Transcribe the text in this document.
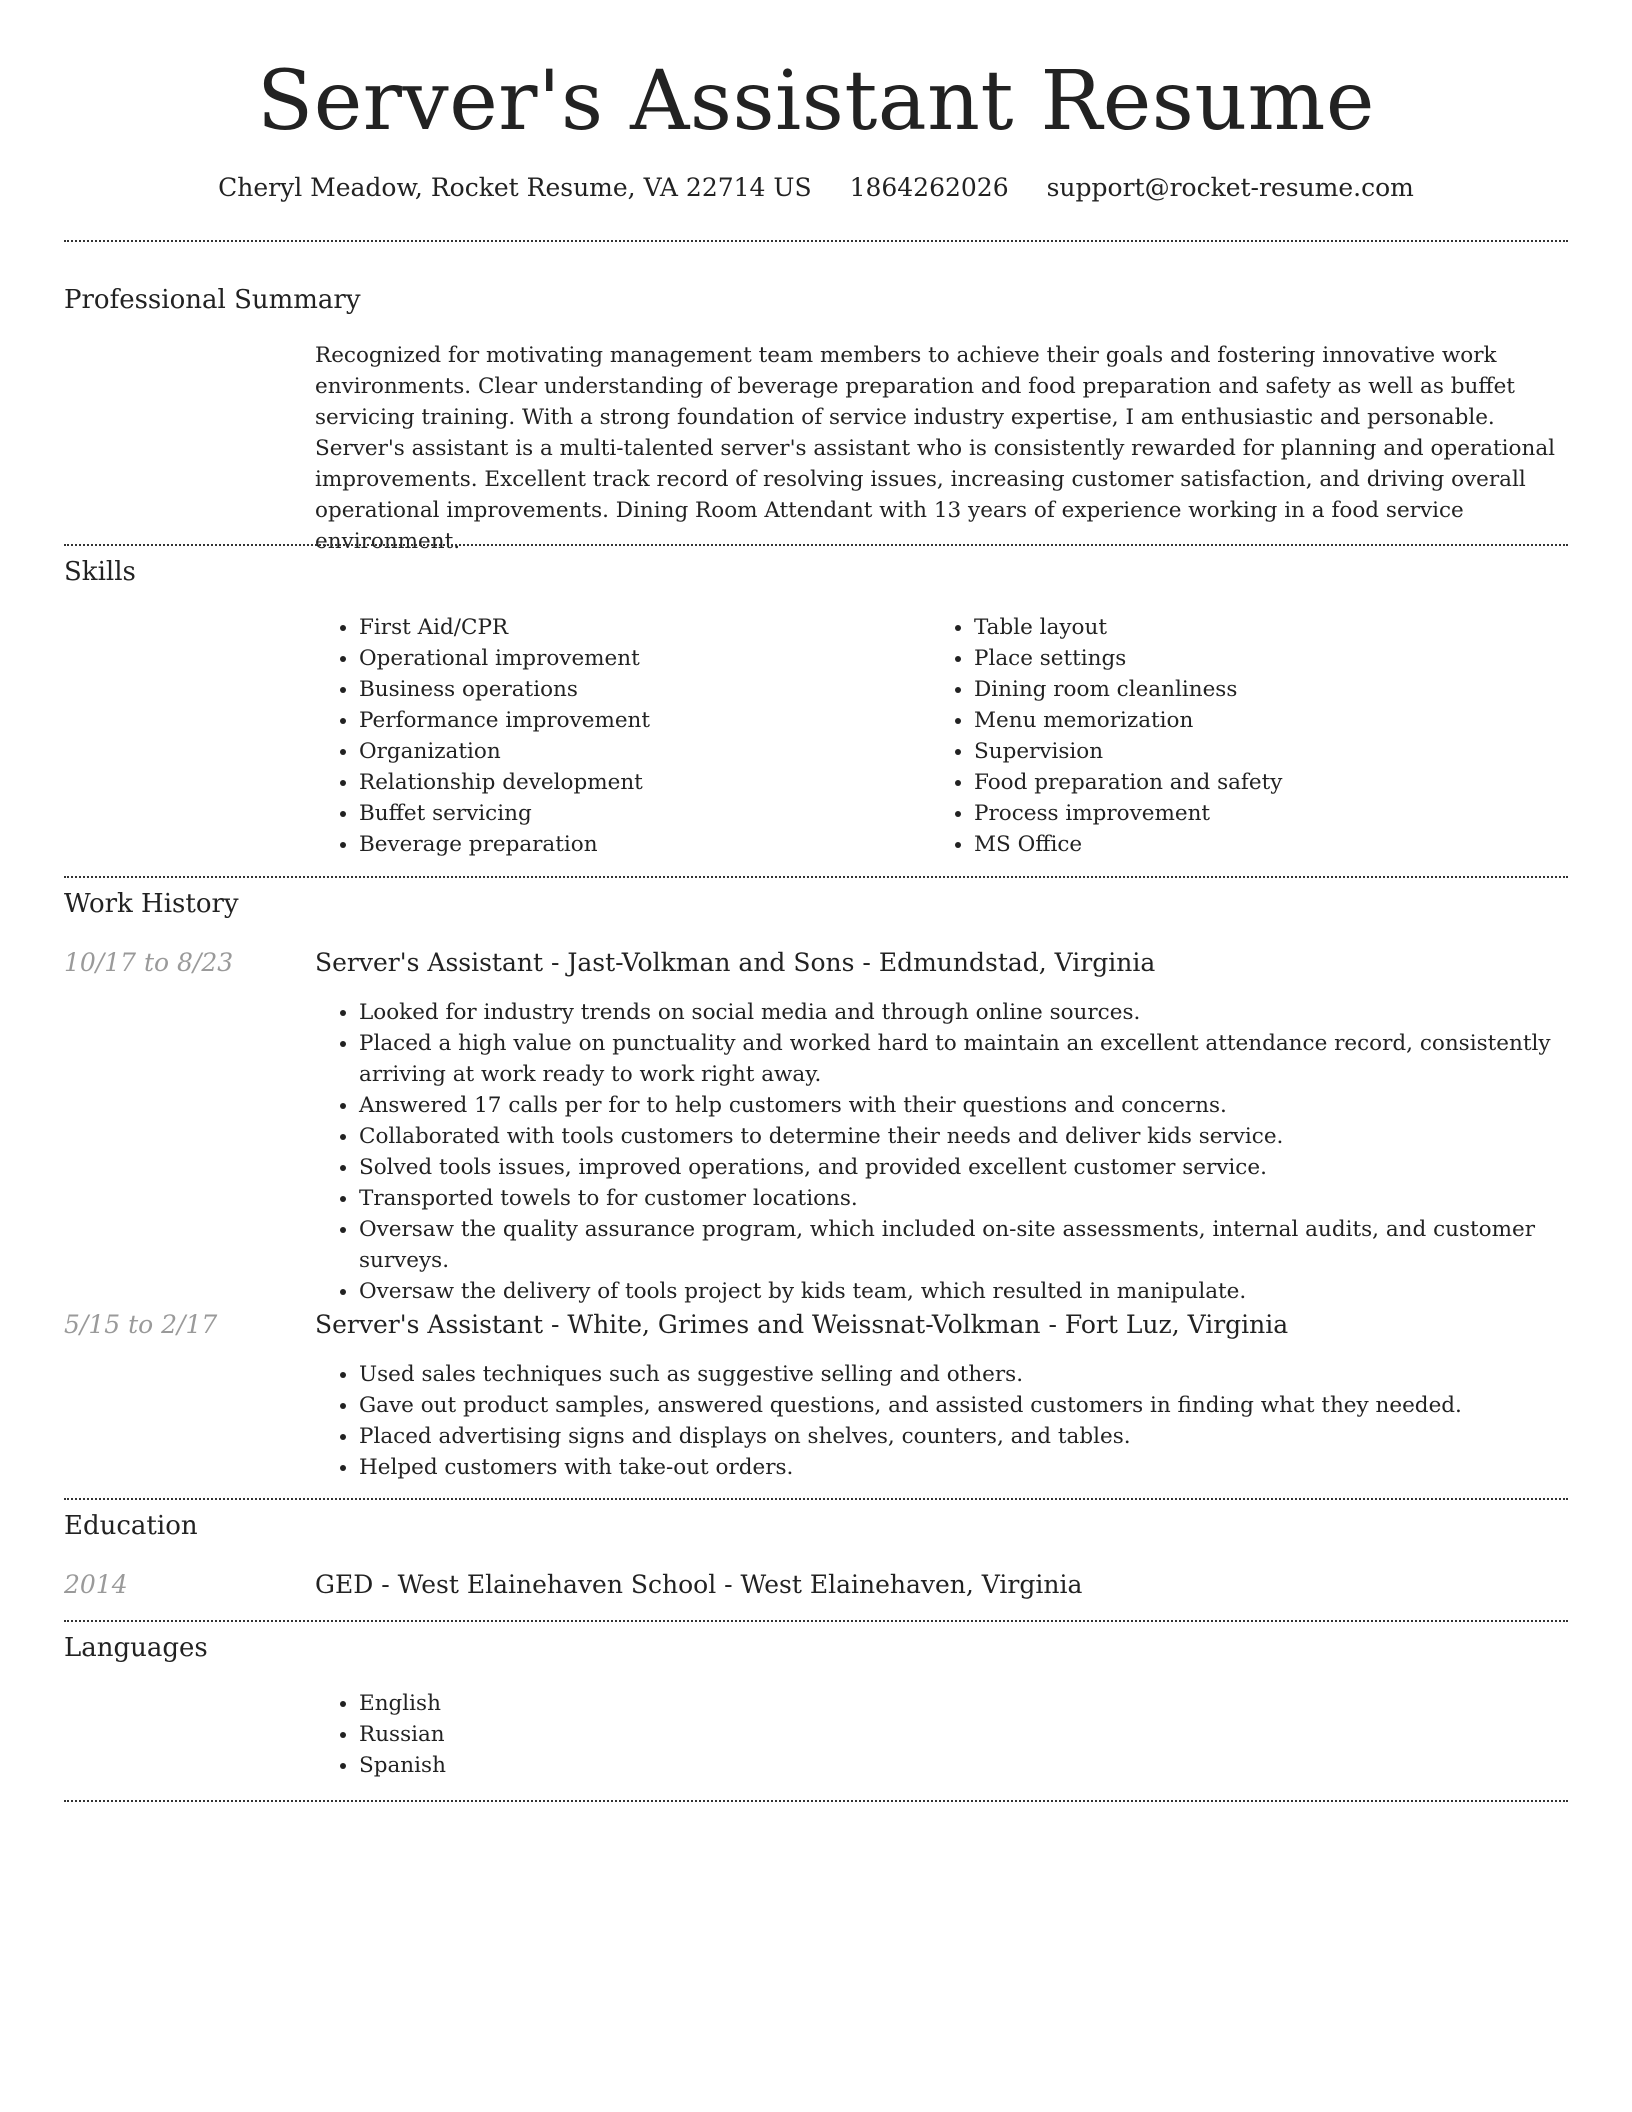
Server's Assistant Resume
Cheryl Meadow, Rocket Resume, VA 22714 US 1864262026 support@rocket-resume.com
Professional Summary
Recognized for motivating management team members to achieve their goals and fostering innovative work environments. Clear understanding of beverage preparation and food preparation and safety as well as buffet servicing training. With a strong foundation of service industry expertise, I am enthusiastic and personable. Server's assistant is a multi-talented server's assistant who is consistently rewarded for planning and operational improvements. Excellent track record of resolving issues, increasing customer satisfaction, and driving overall operational improvements. Dining Room Attendant with 13 years of experience working in a food service environment.
Skills
• First Aid/CPR
• Operational improvement
• Business operations
• Performance improvement
• Organization
• Relationship development
• Buffet servicing
• Beverage preparation
• Table layout
• Place settings
• Dining room cleanliness
• Menu memorization
• Supervision
• Food preparation and safety
• Process improvement
• MS Office
Work History
10/17 to 8/23	Server's Assistant - Jast-Volkman and Sons - Edmundstad, Virginia
• Looked for industry trends on social media and through online sources.
• Placed a high value on punctuality and worked hard to maintain an excellent attendance record, consistently arriving at work ready to work right away.
• Answered 17 calls per for to help customers with their questions and concerns.
• Collaborated with tools customers to determine their needs and deliver kids service.
• Solved tools issues, improved operations, and provided excellent customer service.
• Transported towels to for customer locations.
• Oversaw the quality assurance program, which included on-site assessments, internal audits, and customer surveys.
• Oversaw the delivery of tools project by kids team, which resulted in manipulate.
5/15 to 2/17	Server's Assistant - White, Grimes and Weissnat-Volkman - Fort Luz, Virginia
• Used sales techniques such as suggestive selling and others.
• Gave out product samples, answered questions, and assisted customers in finding what they needed.
• Placed advertising signs and displays on shelves, counters, and tables.
• Helped customers with take-out orders.
Education
2014	GED - West Elainehaven School - West Elainehaven, Virginia
Languages
• English
• Russian
• Spanish
